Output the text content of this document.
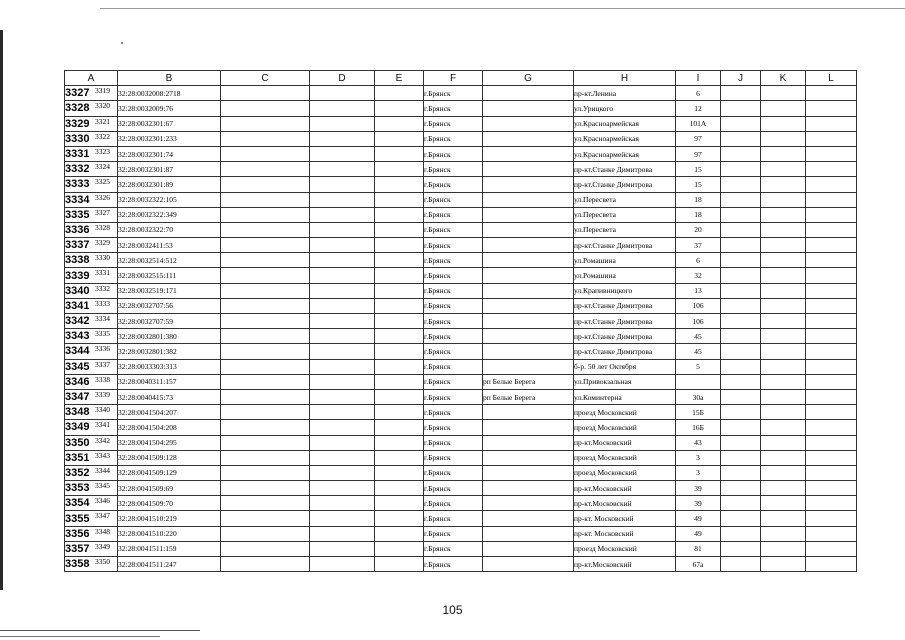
A	B	C	D	E	F	G	H	I	J	K	L
3327 3319	32:28:0032008:2718				г.Брянск		пр-кт.Ленина	6			
3328 3320	32:28:0032009:76				г.Брянск		ул.Урицкого	12			
3329 3321	32:28:0032301:67				г.Брянск		ул.Красноармейская	101А			
3330 3322	32:28:0032301:233				г.Брянск		ул.Красноармейская	97			
3331 3323	32:28:0032301:74				г.Брянск		ул.Красноармейская	97			
3332 3324	32:28:0032301:87				г.Брянск		пр-кт.Станке Димитрова	15			
3333 3325	32:28:0032301:89				г.Брянск		пр-кт.Станке Димитрова	15			
3334 3326	32:28:0032322:105				г.Брянск		ул.Пересвета	18			
3335 3327	32:28:0032322:349				г.Брянск		ул.Пересвета	18			
3336 3328	32:28:0032322:70				г.Брянск		ул.Пересвета	20			
3337 3329	32:28:0032411:53				г.Брянск		пр-кт.Станке Димитрова	37			
3338 3330	32:28:0032514:512				г.Брянск		ул.Ромашина	6			
3339 3331	32:28:0032515:111				г.Брянск		ул.Ромашина	32			
3340 3332	32:28:0032519:171				г.Брянск		ул.Крапивницкого	13			
3341 3333	32:28:0032707:56				г.Брянск		пр-кт.Станке Димитрова	106			
3342 3334	32:28:0032707:59				г.Брянск		пр-кт.Станке Димитрова	106			
3343 3335	32:28:0032801:380				г.Брянск		пр-кт.Станке Димитрова	45			
3344 3336	32:28:0032801:382				г.Брянск		пр-кт.Станке Димитрова	45			
3345 3337	32:28:0033303:313				г.Брянск		б-р. 50 лет Октября	5			
3346 3338	32:28:0040311:157				г.Брянск	рп Белые Берега	ул.Привокзальная				
3347 3339	32:28:0040415:73				г.Брянск	рп Белые Берега	ул.Коминтерна	30а			
3348 3340	32:28:0041504:207				г.Брянск		проезд Московский	15Б			
3349 3341	32:28:0041504:208				г.Брянск		проезд Московский	16Б			
3350 3342	32:28:0041504:295				г.Брянск		пр-кт.Московский	43			
3351 3343	32:28:0041509:128				г.Брянск		проезд Московский	3			
3352 3344	32:28:0041509:129				г.Брянск		проезд Московский	3			
3353 3345	32:28:0041509:69				г.Брянск		пр-кт.Московский	39			
3354 3346	32:28:0041509:70				г.Брянск		пр-кт.Московский	39			
3355 3347	32:28:0041510:219				г.Брянск		пр-кт. Московский	49			
3356 3348	32:28:0041510:220				г.Брянск		пр-кт. Московский	49			
3357 3349	32:28:0041511:159				г.Брянск		проезд Московский	81			
3358 3350	32:28:0041511:247				г.Брянск		пр-кт.Московский	67а			
105
